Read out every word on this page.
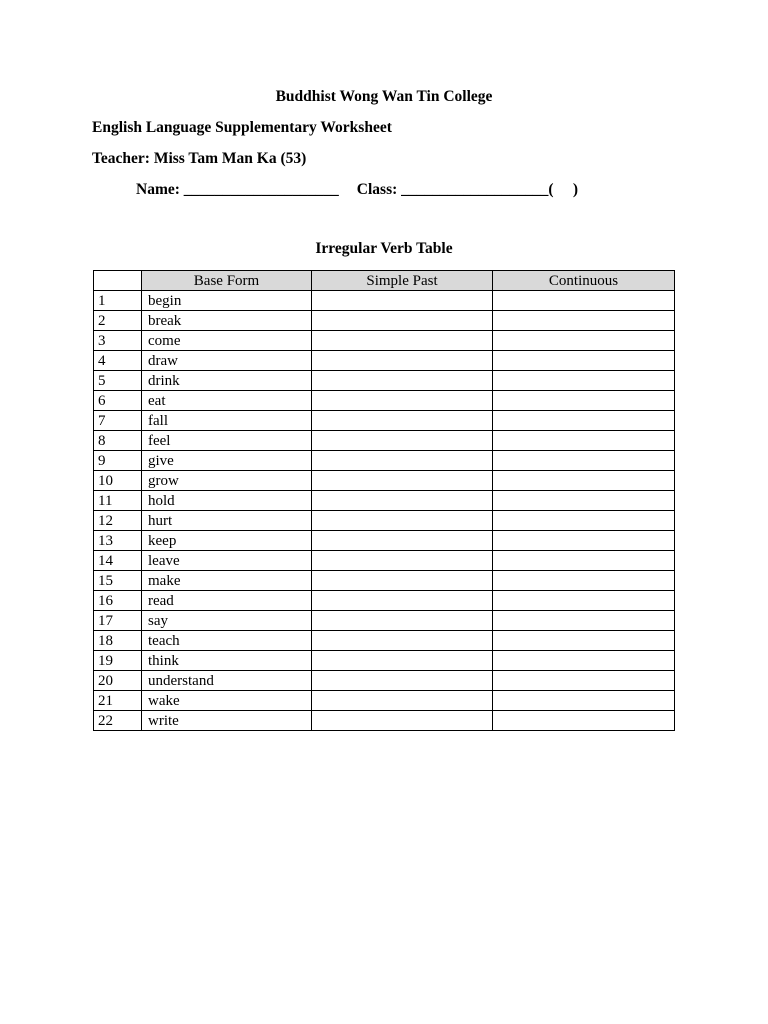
Buddhist Wong Wan Tin College
English Language Supplementary Worksheet
Teacher: Miss Tam Man Ka (53)
Name: ____________________ Class: ___________________(     )
Irregular Verb Table
	Base Form	Simple Past	Continuous
1	begin		
2	break		
3	come		
4	draw		
5	drink		
6	eat		
7	fall		
8	feel		
9	give		
10	grow		
11	hold		
12	hurt		
13	keep		
14	leave		
15	make		
16	read		
17	say		
18	teach		
19	think		
20	understand		
21	wake		
22	write		
